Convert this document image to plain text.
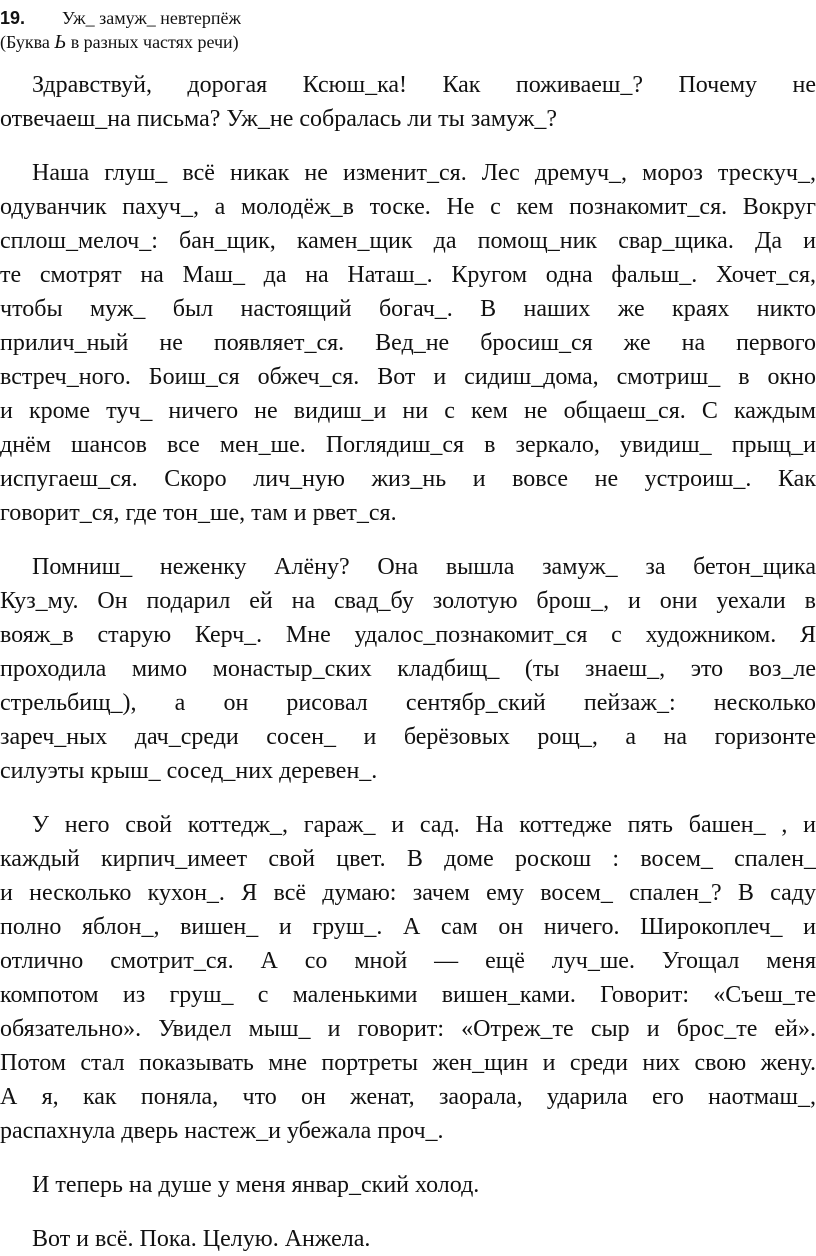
19. Уж_ замуж_ невтерпёж
(Буква Ь в разных частях речи)
Здравствуй, дорогая Ксюш_ка! Как поживаеш_? Почему не
отвечаеш_на письма? Уж_не собралась ли ты замуж_?
Наша глуш_ всё никак не изменит_ся. Лес дремуч_, мороз трескуч_,
одуванчик пахуч_, а молодёж_в тоске. Не с кем познакомит_ся. Вокруг
сплош_мелоч_: бан_щик, камен_щик да помощ_ник свар_щика. Да и
те смотрят на Маш_ да на Наташ_. Кругом одна фальш_. Хочет_ся,
чтобы муж_ был настоящий богач_. В наших же краях никто
прилич_ный не появляет_ся. Вед_не бросиш_ся же на первого
встреч_ного. Боиш_ся обжеч_ся. Вот и сидиш_дома, смотриш_ в окно
и кроме туч_ ничего не видиш_и ни с кем не общаеш_ся. С каждым
днём шансов все мен_ше. Поглядиш_ся в зеркало, увидиш_ прыщ_и
испугаеш_ся. Скоро лич_ную жиз_нь и вовсе не устроиш_. Как
говорит_ся, где тон_ше, там и рвет_ся.
Помниш_ неженку Алёну? Она вышла замуж_ за бетон_щика
Куз_му. Он подарил ей на свад_бу золотую брош_, и они уехали в
вояж_в старую Керч_. Мне удалос_познакомит_ся с художником. Я
проходила мимо монастыр_ских кладбищ_ (ты знаеш_, это воз_ле
стрельбищ_), а он рисовал сентябр_ский пейзаж_: несколько
зареч_ных дач_среди сосен_ и берёзовых рощ_, а на горизонте
силуэты крыш_ сосед_них деревен_.
У него свой коттедж_, гараж_ и сад. На коттедже пять башен_ , и
каждый кирпич_имеет свой цвет. В доме роскош : восем_ спален_
и несколько кухон_. Я всё думаю: зачем ему восем_ спален_? В саду
полно яблон_, вишен_ и груш_. А сам он ничего. Широкоплеч_ и
отлично смотрит_ся. А со мной — ещё луч_ше. Угощал меня
компотом из груш_ с маленькими вишен_ками. Говорит: «Съеш_те
обязательно». Увидел мыш_ и говорит: «Отреж_те сыр и брос_те ей».
Потом стал показывать мне портреты жен_щин и среди них свою жену.
А я, как поняла, что он женат, заорала, ударила его наотмаш_,
распахнула дверь настеж_и убежала проч_.
И теперь на душе у меня январ_ский холод.
Вот и всё. Пока. Целую. Анжела.
